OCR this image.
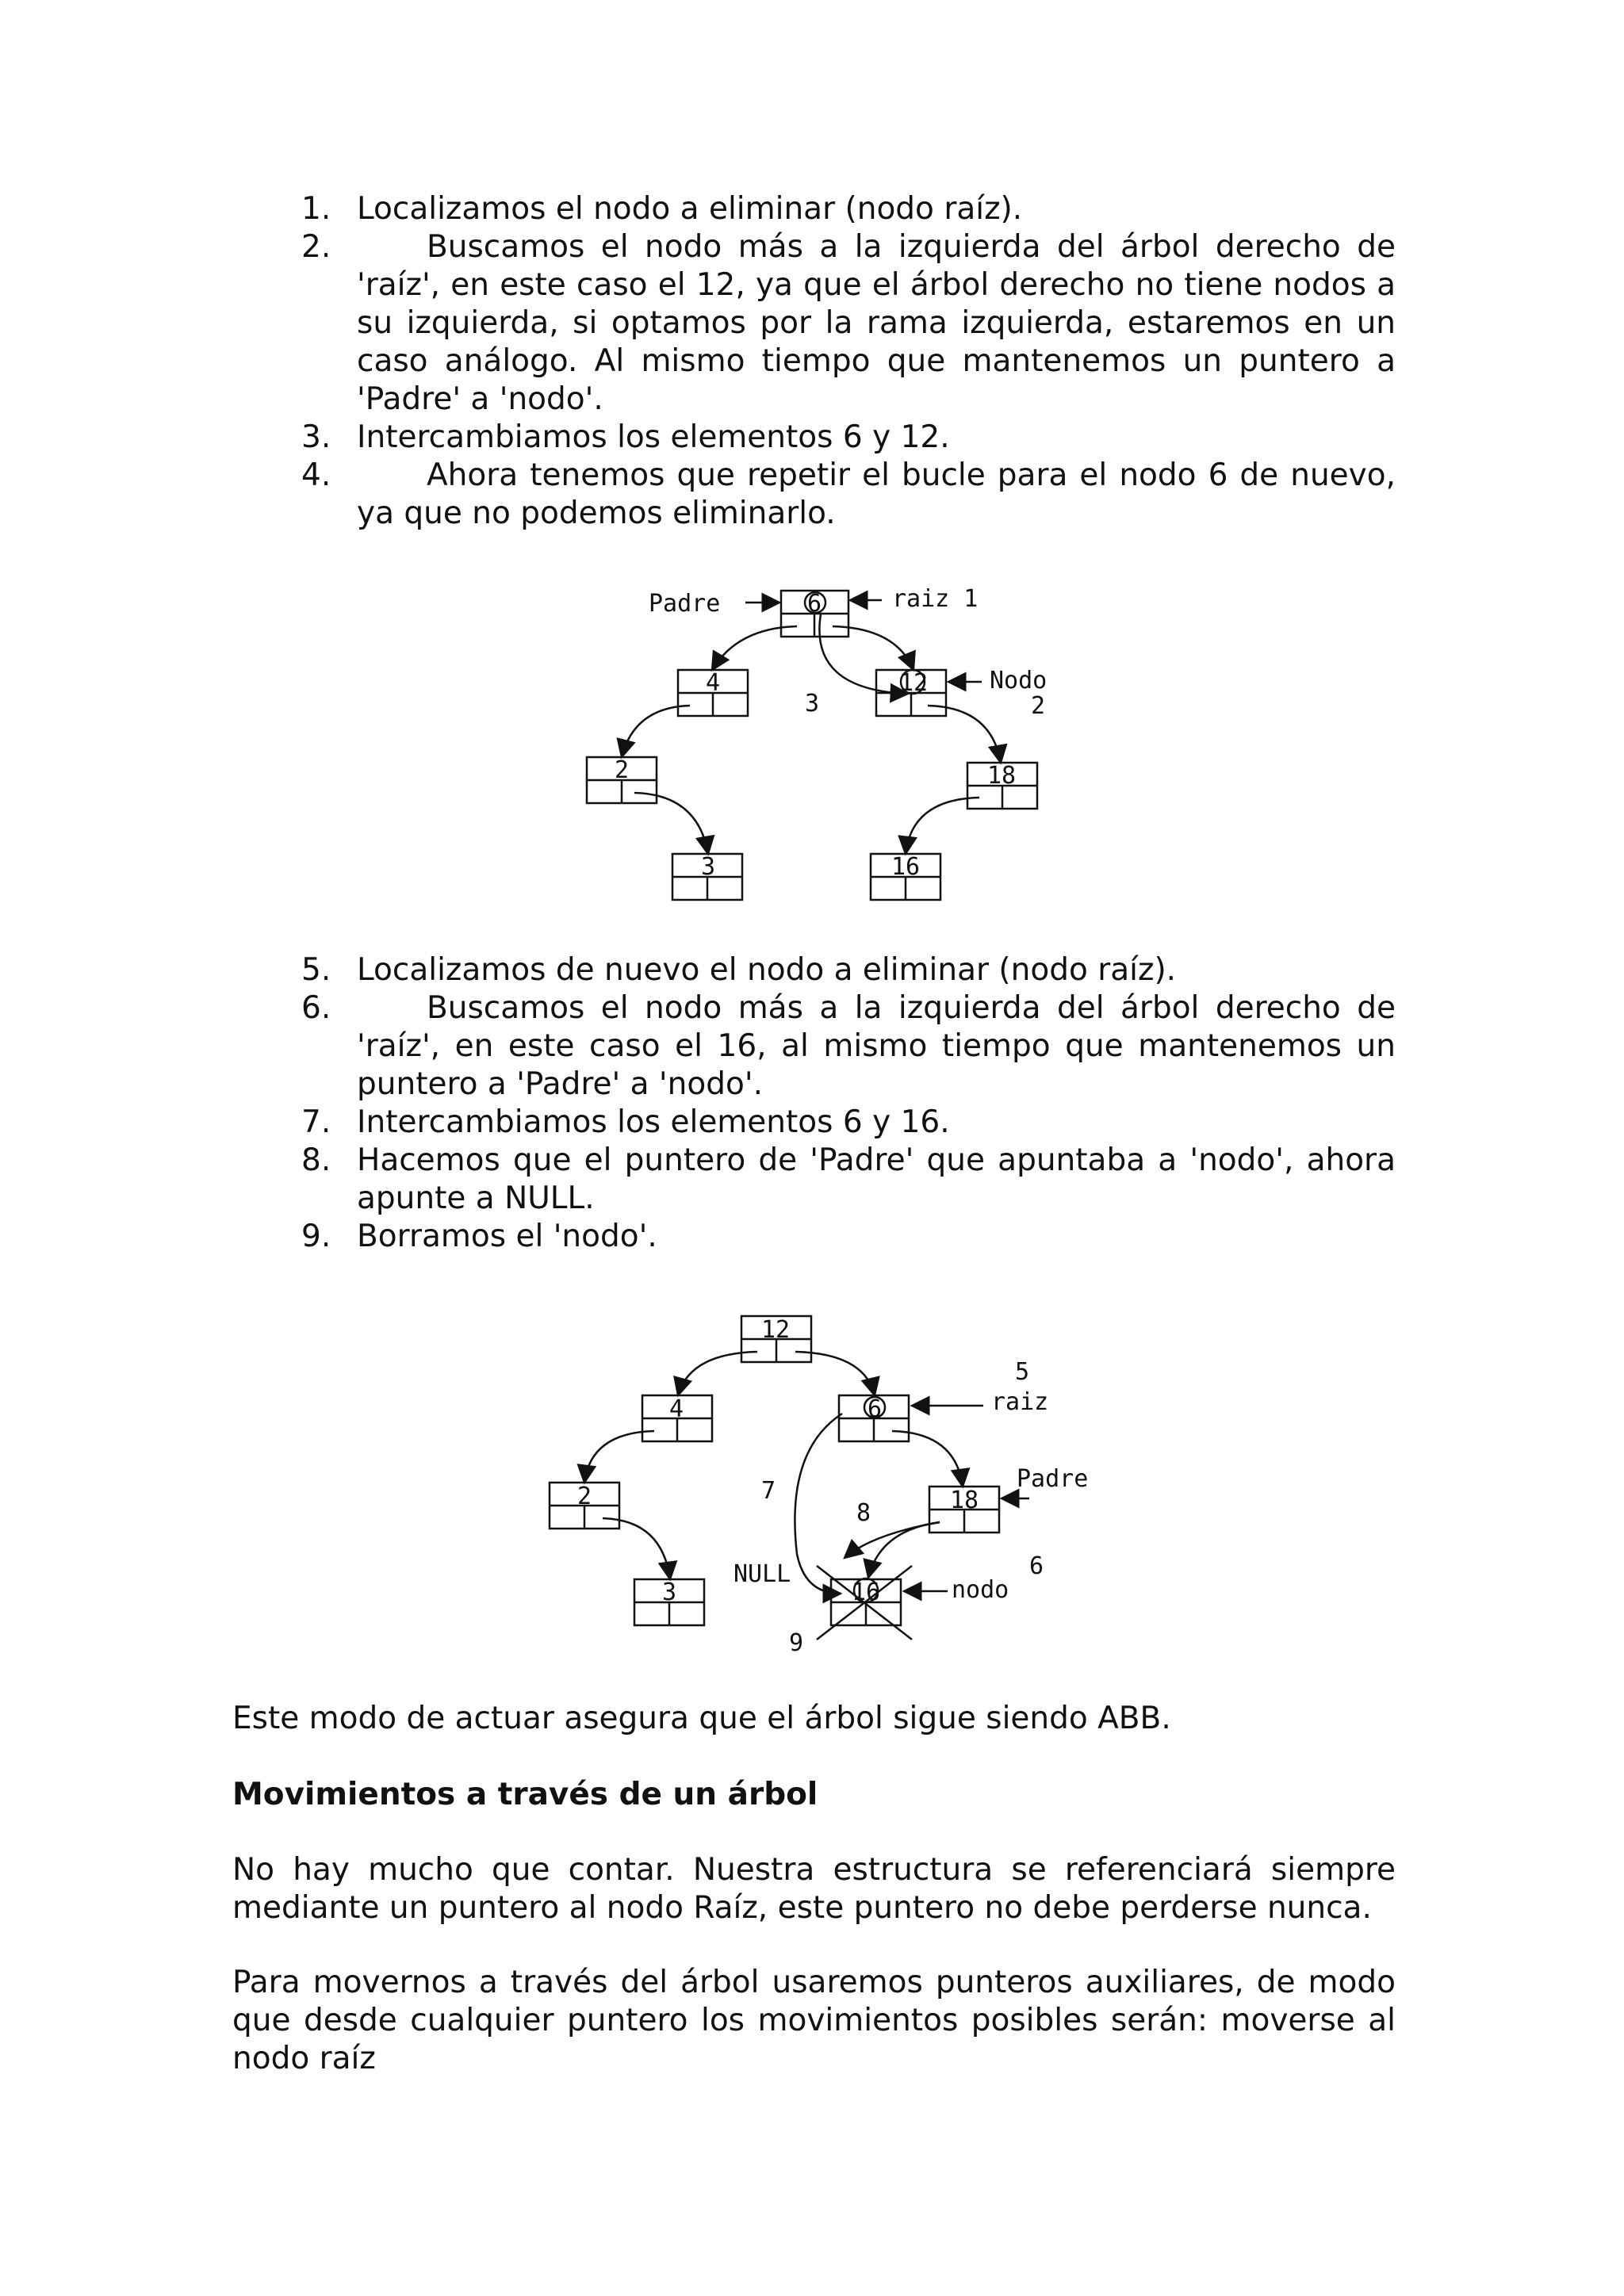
1. Localizamos el nodo a eliminar (nodo raíz).
2.	Buscamos el nodo más a la izquierda del árbol derecho de 'raíz', en este caso el 12, ya que el árbol derecho no tiene nodos a su izquierda, si optamos por la rama izquierda, estaremos en un caso análogo. Al mismo tiempo que mantenemos un puntero a 'Padre' a 'nodo'.
3. Intercambiamos los elementos 6 y 12.
4.	Ahora tenemos que repetir el bucle para el nodo 6 de nuevo, ya que no podemos eliminarlo.
6
4	12
2	18
3	16
Padre	raiz 1
Nodo
2
3
12
4	6
2	18
3	16
5
raiz
Padre
7
8
NULL
nodo
6
9
5. Localizamos de nuevo el nodo a eliminar (nodo raíz).
6.	Buscamos el nodo más a la izquierda del árbol derecho de 'raíz', en este caso el 16, al mismo tiempo que mantenemos un puntero a 'Padre' a 'nodo'.
7. Intercambiamos los elementos 6 y 16.
8. Hacemos que el puntero de 'Padre' que apuntaba a 'nodo', ahora apunte a NULL.
9. Borramos el 'nodo'.

Este modo de actuar asegura que el árbol sigue siendo ABB.

Movimientos a través de un árbol

No hay mucho que contar. Nuestra estructura se referenciará siempre mediante un puntero al nodo Raíz, este puntero no debe perderse nunca.

Para movernos a través del árbol usaremos punteros auxiliares, de modo que desde cualquier puntero los movimientos posibles serán: moverse al nodo raíz
